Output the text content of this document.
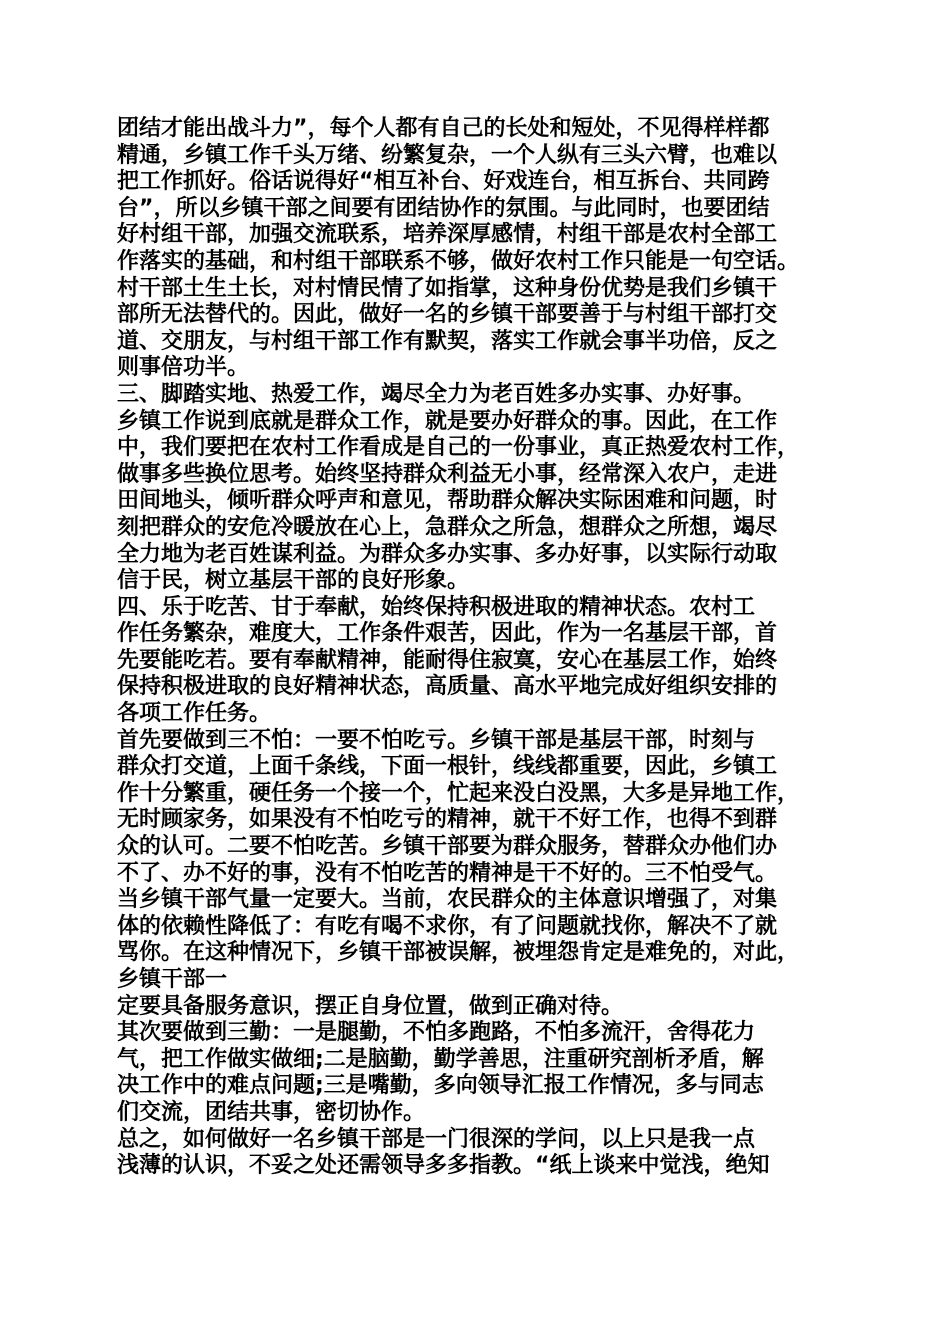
团结才能出战斗力”，每个人都有自己的长处和短处，不见得样样都
精通，乡镇工作千头万绪、纷繁复杂，一个人纵有三头六臂，也难以
把工作抓好。俗话说得好“相互补台、好戏连台，相互拆台、共同跨
台”，所以乡镇干部之间要有团结协作的氛围。与此同时，也要团结
好村组干部，加强交流联系，培养深厚感情，村组干部是农村全部工
作落实的基础，和村组干部联系不够，做好农村工作只能是一句空话。
村干部土生土长，对村情民情了如指掌，这种身份优势是我们乡镇干
部所无法替代的。因此，做好一名的乡镇干部要善于与村组干部打交
道、交朋友，与村组干部工作有默契，落实工作就会事半功倍，反之
则事倍功半。
三、脚踏实地、热爱工作，竭尽全力为老百姓多办实事、办好事。
乡镇工作说到底就是群众工作，就是要办好群众的事。因此，在工作
中，我们要把在农村工作看成是自己的一份事业，真正热爱农村工作，
做事多些换位思考。始终坚持群众利益无小事，经常深入农户，走进
田间地头，倾听群众呼声和意见，帮助群众解决实际困难和问题，时
刻把群众的安危冷暖放在心上，急群众之所急，想群众之所想，竭尽
全力地为老百姓谋利益。为群众多办实事、多办好事，以实际行动取
信于民，树立基层干部的良好形象。
四、乐于吃苦、甘于奉献，始终保持积极进取的精神状态。农村工
作任务繁杂，难度大，工作条件艰苦，因此，作为一名基层干部，首
先要能吃若。要有奉献精神，能耐得住寂寞，安心在基层工作，始终
保持积极进取的良好精神状态，高质量、高水平地完成好组织安排的
各项工作任务。
首先要做到三不怕：一要不怕吃亏。乡镇干部是基层干部，时刻与
群众打交道，上面千条线，下面一根针，线线都重要，因此，乡镇工
作十分繁重，硬任务一个接一个，忙起来没白没黑，大多是异地工作，
无时顾家务，如果没有不怕吃亏的精神，就干不好工作，也得不到群
众的认可。二要不怕吃苦。乡镇干部要为群众服务，替群众办他们办
不了、办不好的事，没有不怕吃苦的精神是干不好的。三不怕受气。
当乡镇干部气量一定要大。当前，农民群众的主体意识增强了，对集
体的依赖性降低了：有吃有喝不求你，有了问题就找你，解决不了就
骂你。在这种情况下，乡镇干部被误解，被埋怨肯定是难免的，对此，
乡镇干部一
定要具备服务意识，摆正自身位置，做到正确对待。
其次要做到三勤：一是腿勤，不怕多跑路，不怕多流汗，舍得花力
气，把工作做实做细;二是脑勤，勤学善思，注重研究剖析矛盾，解
决工作中的难点问题;三是嘴勤，多向领导汇报工作情况，多与同志
们交流，团结共事，密切协作。
总之，如何做好一名乡镇干部是一门很深的学问，以上只是我一点
浅薄的认识，不妥之处还需领导多多指教。“纸上谈来中觉浅，绝知
